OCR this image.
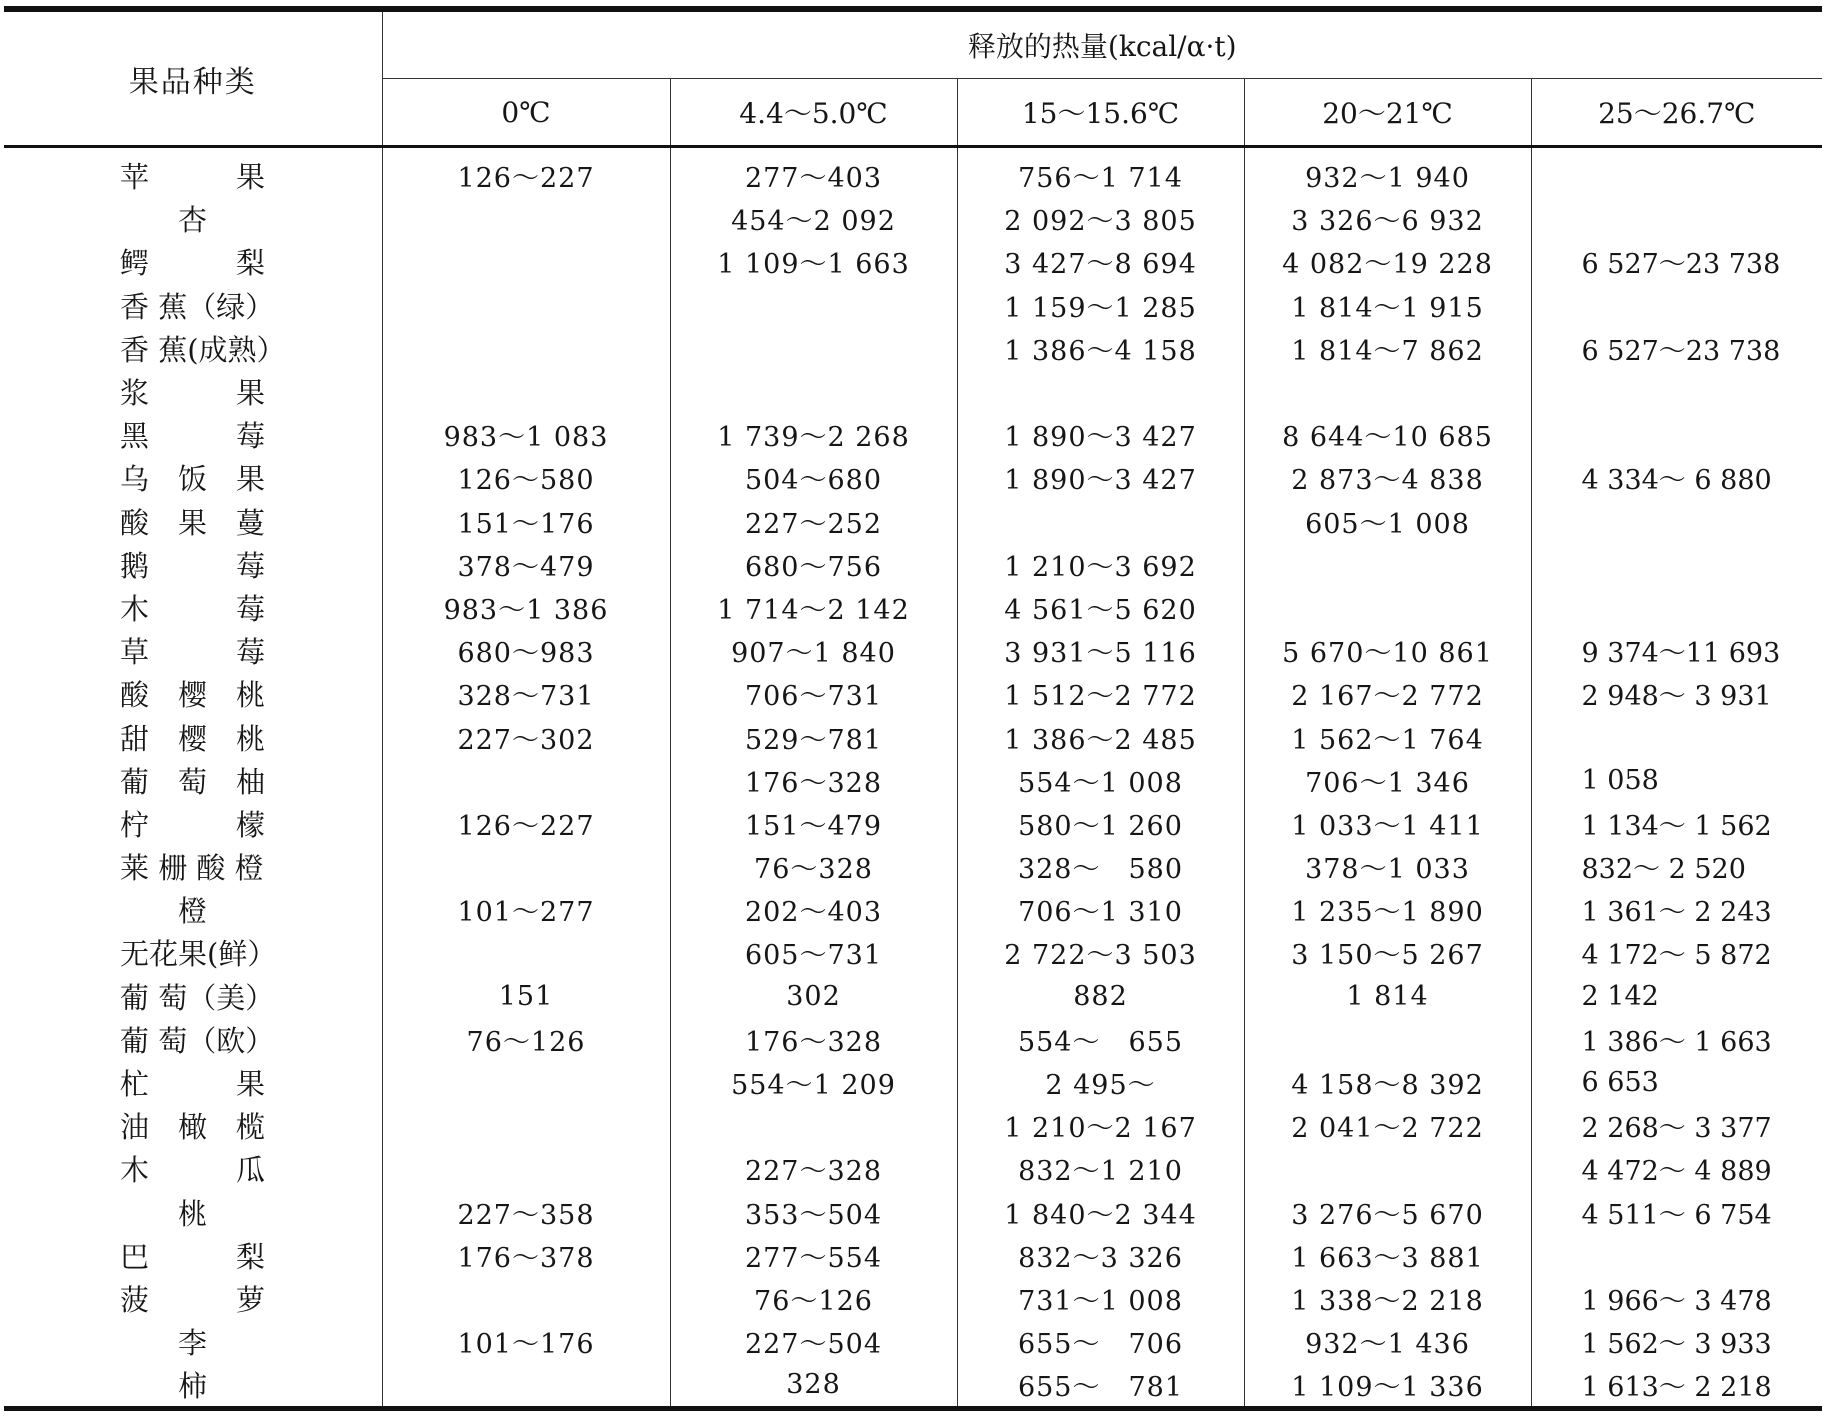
果品种类	释放的热量(kcal/α·t)				
	0℃	4.4～5.0℃	15～15.6℃	20～21℃	25～26.7℃
苹　　　果	126～227	277～403	756～1 714	932～1 940	
　　杏		454～2 092	2 092～3 805	3 326～6 932	
鳄　　　梨		1 109～1 663	3 427～8 694	4 082～19 228	6 527～23 738
香 蕉（绿）			1 159～1 285	1 814～1 915	
香 蕉(成熟）			1 386～4 158	1 814～7 862	6 527～23 738
浆　　　果					
黑　　　莓	983～1 083	1 739～2 268	1 890～3 427	8 644～10 685	
乌　饭　果	126～580	504～680	1 890～3 427	2 873～4 838	4 334～ 6 880
酸　果　蔓	151～176	227～252		605～1 008	
鹅　　　莓	378～479	680～756	1 210～3 692		
木　　　莓	983～1 386	1 714～2 142	4 561～5 620		
草　　　莓	680～983	907～1 840	3 931～5 116	5 670～10 861	9 374～11 693
酸　樱　桃	328～731	706～731	1 512～2 772	2 167～2 772	2 948～ 3 931
甜　樱　桃	227～302	529～781	1 386～2 485	1 562～1 764	
葡　萄　柚		176～328	554～1 008	706～1 346	1 058
柠　　　檬	126～227	151～479	580～1 260	1 033～1 411	1 134～ 1 562
莱 栅 酸 橙		76～328	328～　580	378～1 033	832～ 2 520
　　橙	101～277	202～403	706～1 310	1 235～1 890	1 361～ 2 243
无花果(鲜）		605～731	2 722～3 503	3 150～5 267	4 172～ 5 872
葡 萄（美）	151	302	882	1 814	2 142
葡 萄（欧）	76～126	176～328	554～　655		1 386～ 1 663
杧　　　果		554～1 209	2 495～	4 158～8 392	6 653
油　橄　榄			1 210～2 167	2 041～2 722	2 268～ 3 377
木　　　瓜		227～328	832～1 210		4 472～ 4 889
　　桃	227～358	353～504	1 840～2 344	3 276～5 670	4 511～ 6 754
巴　　　梨	176～378	277～554	832～3 326	1 663～3 881	
菠　　　萝		76～126	731～1 008	1 338～2 218	1 966～ 3 478
　　李	101～176	227～504	655～　706	932～1 436	1 562～ 3 933
　　柿		328	655～　781	1 109～1 336	1 613～ 2 218
